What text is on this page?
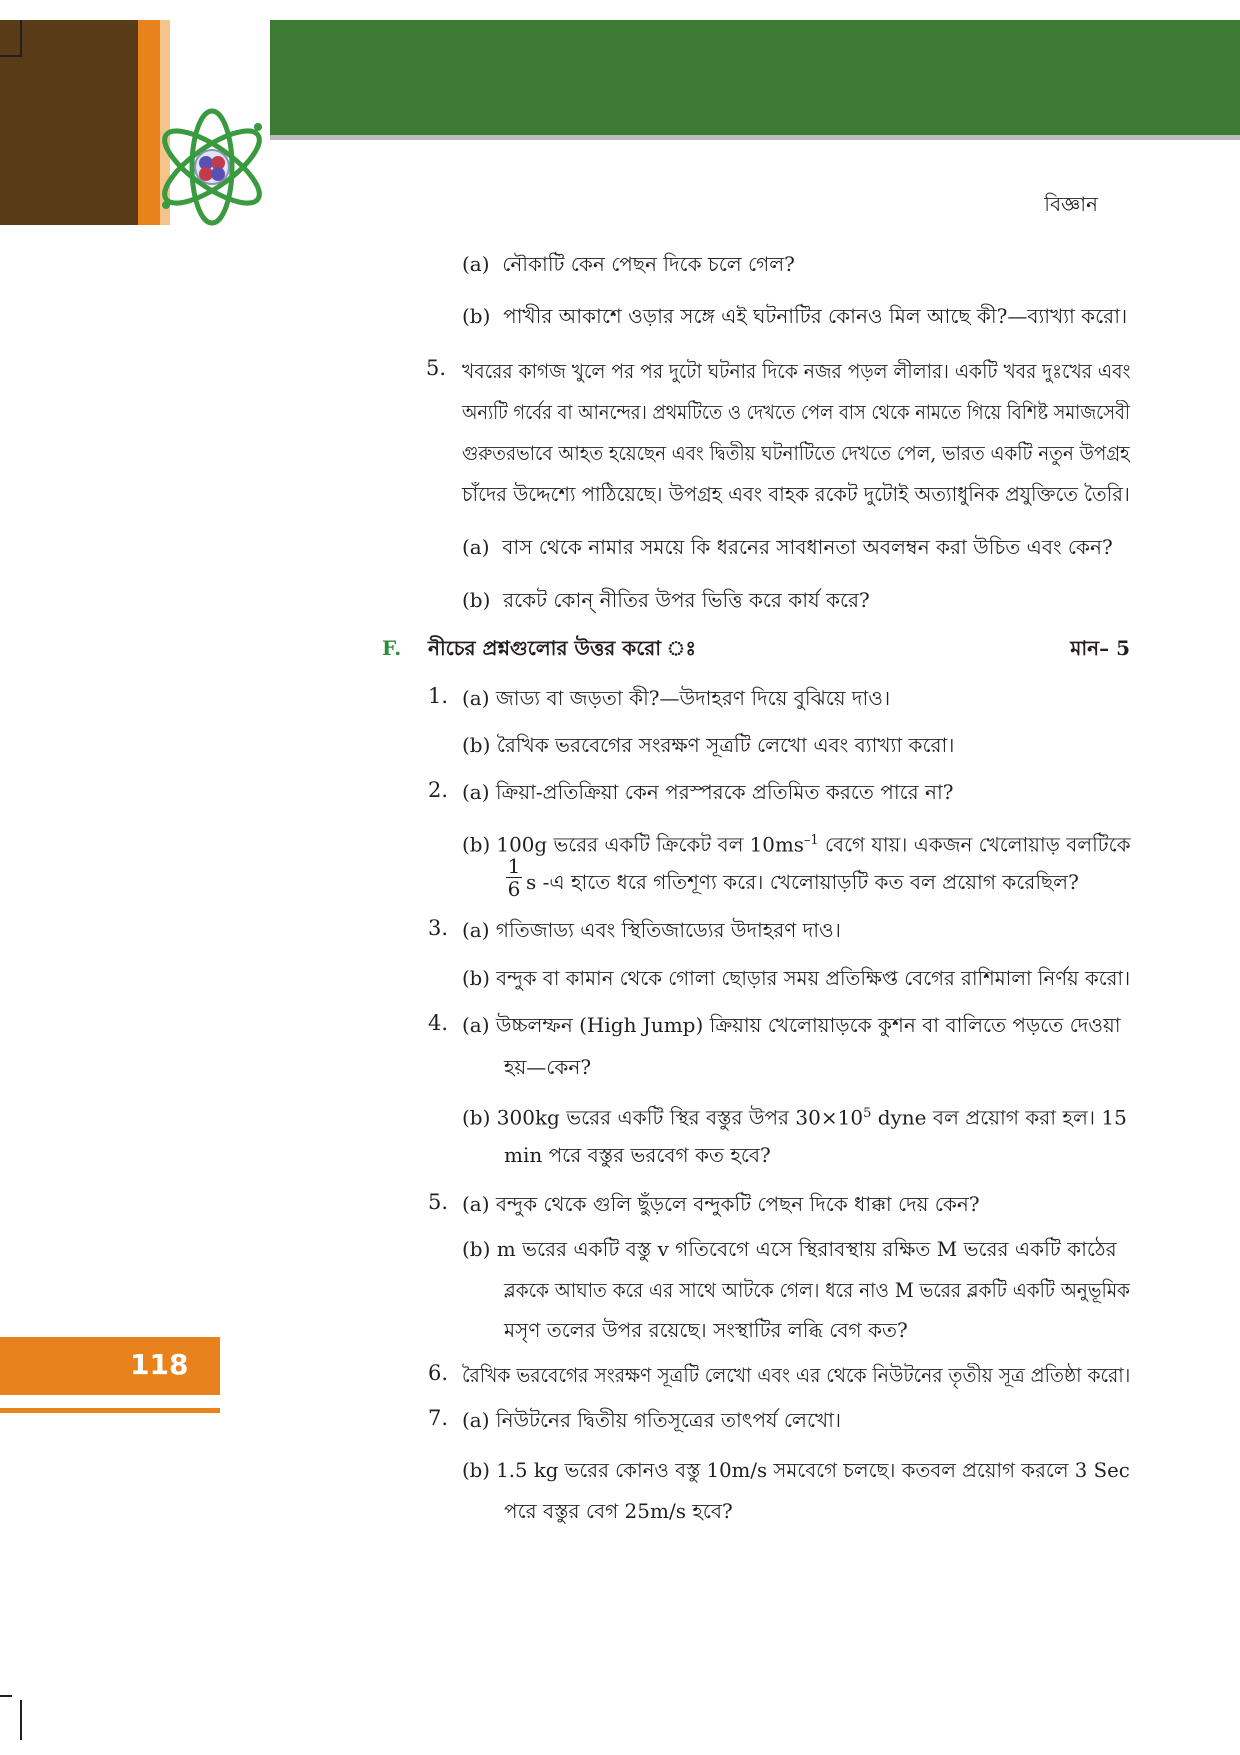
বিজ্ঞান
(a) নৌকাটি কেন পেছন দিকে চলে গেল?
(b) পাখীর আকাশে ওড়ার সঙ্গে এই ঘটনাটির কোনও মিল আছে কী?—ব্যাখ্যা করো।
5. খবরের কাগজ খুলে পর পর দুটো ঘটনার দিকে নজর পড়ল লীলার। একটি খবর দুঃখের এবং
অন্যটি গর্বের বা আনন্দের। প্রথমটিতে ও দেখতে পেল বাস থেকে নামতে গিয়ে বিশিষ্ট সমাজসেবী
গুরুতরভাবে আহত হয়েছেন এবং দ্বিতীয় ঘটনাটিতে দেখতে পেল, ভারত একটি নতুন উপগ্রহ
চাঁদের উদ্দেশ্যে পাঠিয়েছে। উপগ্রহ এবং বাহক রকেট দুটোই অত্যাধুনিক প্রযুক্তিতে তৈরি।
(a) বাস থেকে নামার সময়ে কি ধরনের সাবধানতা অবলম্বন করা উচিত এবং কেন?
(b) রকেট কোন্ নীতির উপর ভিত্তি করে কার্য করে?
F. নীচের প্রশ্নগুলোর উত্তর করো ঃ	মান– 5
1. (a) জাড্য বা জড়তা কী?—উদাহরণ দিয়ে বুঝিয়ে দাও।
(b) রৈখিক ভরবেগের সংরক্ষণ সূত্রটি লেখো এবং ব্যাখ্যা করো।
2. (a) ক্রিয়া-প্রতিক্রিয়া কেন পরস্পরকে প্রতিমিত করতে পারে না?
(b) 100g ভরের একটি ক্রিকেট বল $10ms^{-1}$ বেগে যায়। একজন খেলোয়াড় বলটিকে
$\frac{1}{6}$ s -এ হাতে ধরে গতিশূণ্য করে। খেলোয়াড়টি কত বল প্রয়োগ করেছিল?
3. (a) গতিজাড্য এবং স্থিতিজাড্যের উদাহরণ দাও।
(b) বন্দুক বা কামান থেকে গোলা ছোড়ার সময় প্রতিক্ষিপ্ত বেগের রাশিমালা নির্ণয় করো।
4. (a) উচ্চলম্ফন (High Jump) ক্রিয়ায় খেলোয়াড়কে কুশন বা বালিতে পড়তে দেওয়া
হয়—কেন?
(b) 300kg ভরের একটি স্থির বস্তুর উপর $30\times 10^5$ dyne বল প্রয়োগ করা হল। 15
min পরে বস্তুর ভরবেগ কত হবে?
5. (a) বন্দুক থেকে গুলি ছুঁড়লে বন্দুকটি পেছন দিকে ধাক্কা দেয় কেন?
(b) m ভরের একটি বস্তু v গতিবেগে এসে স্থিরাবস্থায় রক্ষিত M ভরের একটি কাঠের
ব্লককে আঘাত করে এর সাথে আটকে গেল। ধরে নাও M ভরের ব্লকটি একটি অনুভূমিক
মসৃণ তলের উপর রয়েছে। সংস্থাটির লব্ধি বেগ কত?
118	6. রৈখিক ভরবেগের সংরক্ষণ সূত্রটি লেখো এবং এর থেকে নিউটনের তৃতীয় সূত্র প্রতিষ্ঠা করো।
7. (a) নিউটনের দ্বিতীয় গতিসূত্রের তাৎপর্য লেখো।
(b) 1.5 kg ভরের কোনও বস্তু 10m/s সমবেগে চলছে। কতবল প্রয়োগ করলে 3 Sec
পরে বস্তুর বেগ 25m/s হবে?
